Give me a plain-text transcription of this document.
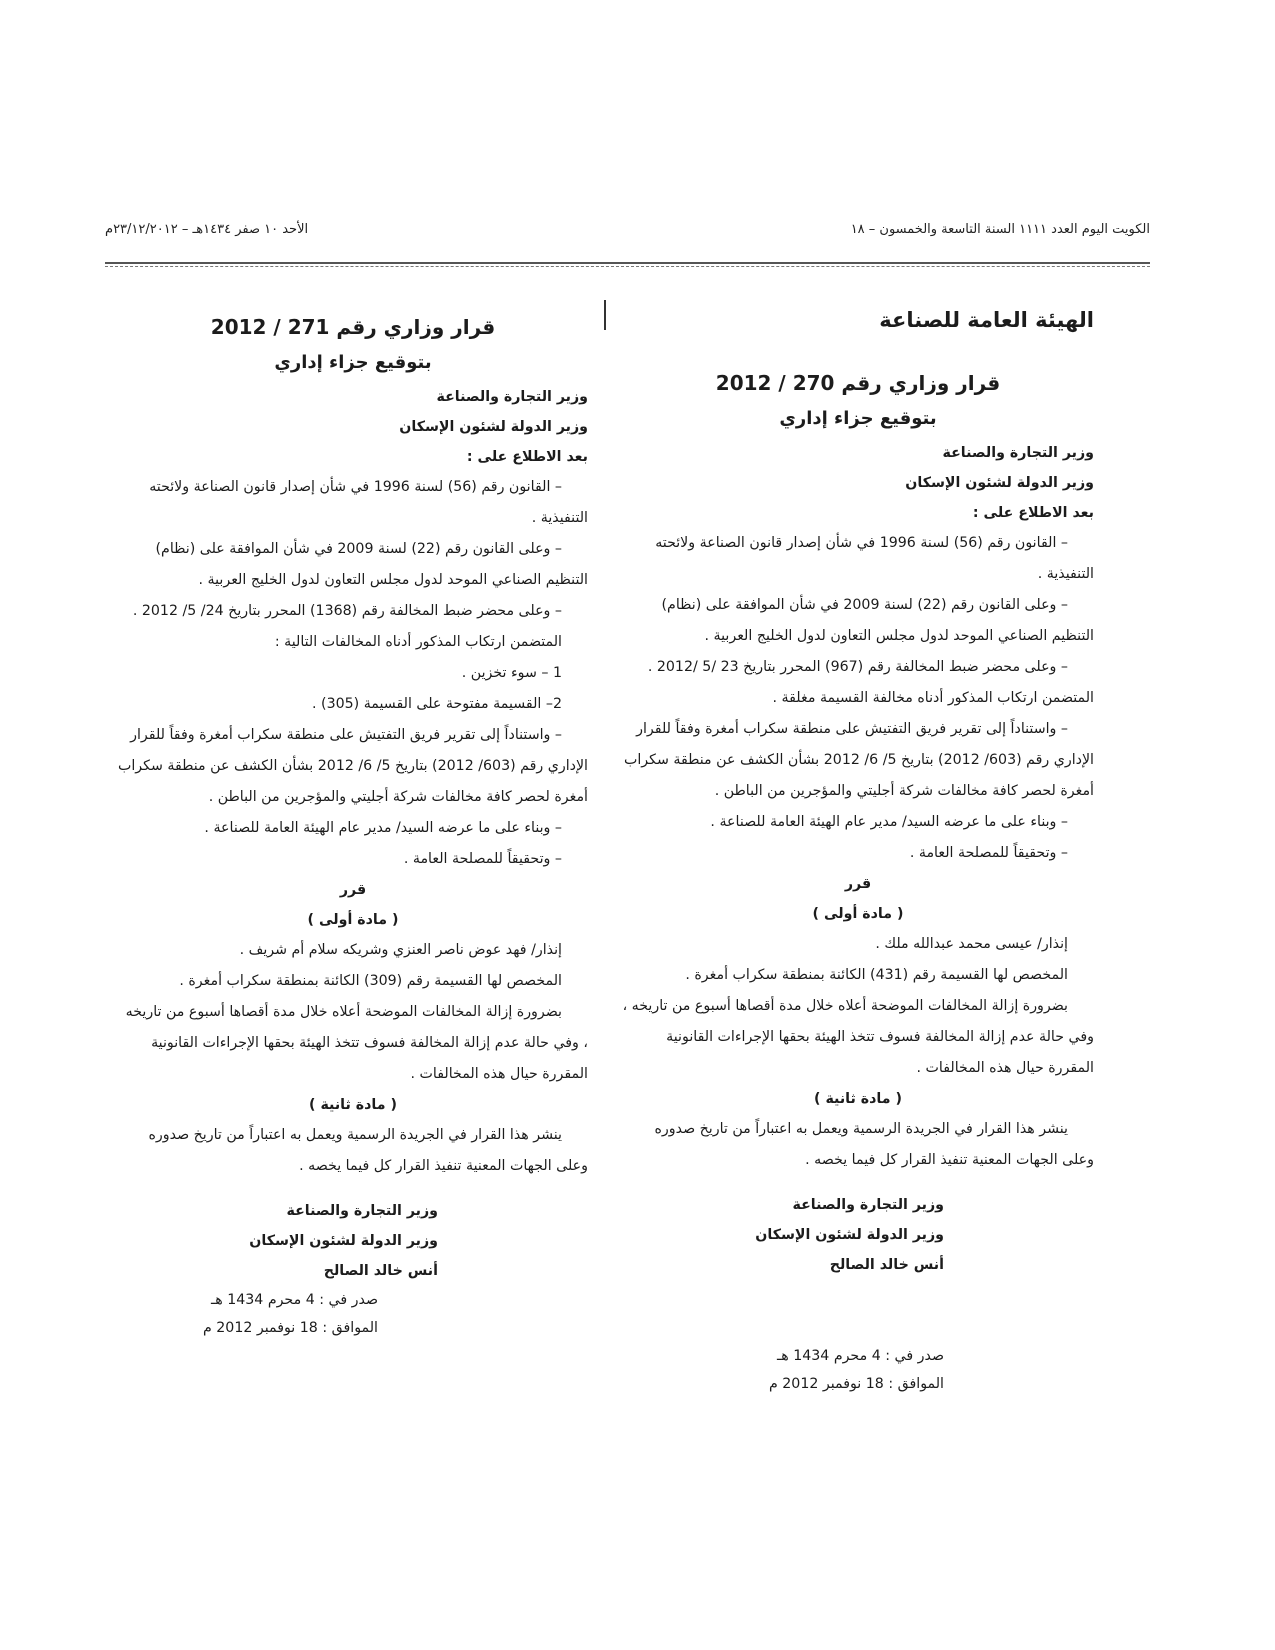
الكويت اليوم العدد ١١١١ السنة التاسعة والخمسون – ١٨
الأحد ١٠ صفر ١٤٣٤هـ – ٢٣/١٢/٢٠١٢م

الهيئة العامة للصناعة

قرار وزاري رقم 270 / 2012

بتوقيع جزاء إداري

وزير التجارة والصناعة

وزير الدولة لشئون الإسكان

بعد الاطلاع على :

– القانون رقم (56) لسنة 1996 في شأن إصدار قانون الصناعة ولائحته التنفيذية .

– وعلى القانون رقم (22) لسنة 2009 في شأن الموافقة على (نظام) التنظيم الصناعي الموحد لدول مجلس التعاون لدول الخليج العربية .

– وعلى محضر ضبط المخالفة رقم (967) المحرر بتاريخ 23 /5 /2012 .

المتضمن ارتكاب المذكور أدناه مخالفة القسيمة مغلقة .

– واستناداً إلى تقرير فريق التفتيش على منطقة سكراب أمغرة وفقاً للقرار الإداري رقم (603/ 2012) بتاريخ 5/ 6/ 2012 بشأن الكشف عن منطقة سكراب أمغرة لحصر كافة مخالفات شركة أجليتي والمؤجرين من الباطن .

– وبناء على ما عرضه السيد/ مدير عام الهيئة العامة للصناعة .

– وتحقيقاً للمصلحة العامة .

قرر

( مادة أولى )

إنذار/ عيسى محمد عبدالله ملك .

المخصص لها القسيمة رقم (431) الكائنة بمنطقة سكراب أمغرة .

بضرورة إزالة المخالفات الموضحة أعلاه خلال مدة أقصاها أسبوع من تاريخه ، وفي حالة عدم إزالة المخالفة فسوف تتخذ الهيئة بحقها الإجراءات القانونية المقررة حيال هذه المخالفات .

( مادة ثانية )

ينشر هذا القرار في الجريدة الرسمية ويعمل به اعتباراً من تاريخ صدوره وعلى الجهات المعنية تنفيذ القرار كل فيما يخصه .

وزير التجارة والصناعة

وزير الدولة لشئون الإسكان

أنس خالد الصالح

صدر في : 4 محرم 1434 هـ

الموافق : 18 نوفمبر 2012 م

قرار وزاري رقم 271 / 2012

بتوقيع جزاء إداري

وزير التجارة والصناعة

وزير الدولة لشئون الإسكان

بعد الاطلاع على :

– القانون رقم (56) لسنة 1996 في شأن إصدار قانون الصناعة ولائحته التنفيذية .

– وعلى القانون رقم (22) لسنة 2009 في شأن الموافقة على (نظام) التنظيم الصناعي الموحد لدول مجلس التعاون لدول الخليج العربية .

– وعلى محضر ضبط المخالفة رقم (1368) المحرر بتاريخ 24/ 5/ 2012 .

المتضمن ارتكاب المذكور أدناه المخالفات التالية :

1 – سوء تخزين .

2– القسيمة مفتوحة على القسيمة (305) .

– واستناداً إلى تقرير فريق التفتيش على منطقة سكراب أمغرة وفقاً للقرار الإداري رقم (603/ 2012) بتاريخ 5/ 6/ 2012 بشأن الكشف عن منطقة سكراب أمغرة لحصر كافة مخالفات شركة أجليتي والمؤجرين من الباطن .

– وبناء على ما عرضه السيد/ مدير عام الهيئة العامة للصناعة .

– وتحقيقاً للمصلحة العامة .

قرر

( مادة أولى )

إنذار/ فهد عوض ناصر العنزي وشريكه سلام أم شريف .

المخصص لها القسيمة رقم (309) الكائنة بمنطقة سكراب أمغرة .

بضرورة إزالة المخالفات الموضحة أعلاه خلال مدة أقصاها أسبوع من تاريخه ، وفي حالة عدم إزالة المخالفة فسوف تتخذ الهيئة بحقها الإجراءات القانونية المقررة حيال هذه المخالفات .

( مادة ثانية )

ينشر هذا القرار في الجريدة الرسمية ويعمل به اعتباراً من تاريخ صدوره وعلى الجهات المعنية تنفيذ القرار كل فيما يخصه .

وزير التجارة والصناعة

وزير الدولة لشئون الإسكان

أنس خالد الصالح

صدر في : 4 محرم 1434 هـ

الموافق : 18 نوفمبر 2012 م
